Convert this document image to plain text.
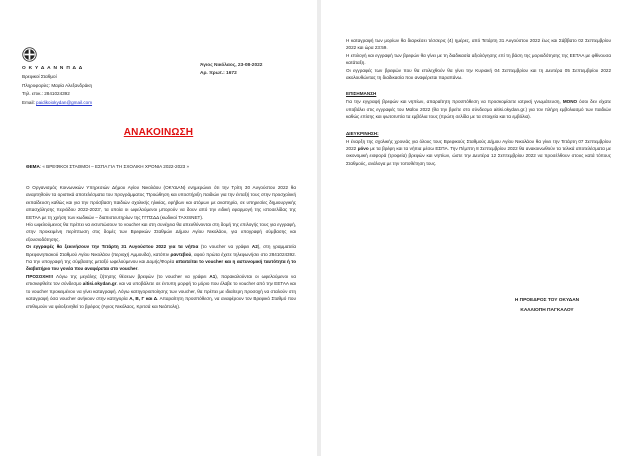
Ο Κ Υ Δ Α Ν Ν Π Δ Δ
Βρεφικοί Σταθμοί
Πληροφορίες: Μαρία Αλεξανδράκη
Τηλ. επικ.: 2841024392
Email: paidikoiokydan@gmail.com
Άγιος Νικόλαος, 23-08-2022
Αρ. πρωτ.: 1672
ΑΝΑΚΟΙΝΩΣΗ
ΘΕΜΑ: « ΒΡΕΦΙΚΟΙ ΣΤΑΘΜΟΙ – ΕΣΠΑ ΓΙΑ ΤΗ ΣΧΟΛΙΚΗ ΧΡΟΝΙΑ 2022-2023 »

Ο Οργανισμός Κοινωνικών Υπηρεσιών Δήμου Αγίου Νικολάου (ΟΚΥΔΑΝ) ενημερώνει ότι την Τρίτη 30 Αυγούστου 2022 θα αναρτηθούν τα οριστικά αποτελέσματα του προγράμματος 'Προώθηση και υποστήριξη παιδιών για την ένταξή τους στην προσχολική εκπαίδευση καθώς και για την πρόσβαση παιδιών σχολικής ηλικίας, εφήβων και ατόμων με αναπηρία, σε υπηρεσίες δημιουργικής απασχόλησης περιόδου 2022-2023', τα οποία οι ωφελούμενοι μπορούν να δουν από την ειδική εφαρμογή της ιστοσελίδας της ΕΕΤΑΑ με τη χρήση των κωδικών – διαπιστευτηρίων της ΓΓΠΣΔΔ (κωδικοί TAXISNET).

Ηίο ωφελούμενος θα πρέπει να εκτυπώσουν το voucher και στη συνέχεια θα απευθύνονται στη δομή της επιλογής τους για εγγραφή, στην προκειμένη περίπτωση στις δομές των Βρεφικών Σταθμών Δήμου Αγίου Νικολάου, για υπογραφή σύμβασης και εξουσιοδότησης.

Οι εγγραφές θα ξεκινήσουν την Τετάρτη 31 Αυγούστου 2022 για τα νήπια (το voucher να γράφει Α2), στη γραμματεία Βρεφονηπιακού Σταθμού Αγίου Νικολάου (περιοχή Αμμουδα), κατόπιν ραντεβού, αφού πρώτα έχετε τηλεφωνήσει στο 2841024392. Για την υπογραφή της σύμβασης μεταξύ ωφελούμενου και Δομής/Φορέα απαιτείται το voucher και η αστυνομική ταυτότητα ή το διαβατήριο του γονέα που αναφέρεται στο voucher.

ΠΡΟΣΟΧΗ!!! Λόγω της μεγάλης ζήτησης θέσεων βρεφών (το voucher να γράφει Α1), παρακαλούνται οι ωφελούμενοι να επισκεφθείτε τον σύνδεσμο aitisi.okydan.gr. και να υποβάλετε σε έντυπη μορφή το μόριο που έλαβε το voucher από την ΕΕΤΑΑ και το voucher προκειμένου να γίνει καταγραφή. Λόγω κατηγοριοποίησης των voucher, θα πρέπει με ιδιαίτερη προσοχή να σταλούν στη καταγραφή όσα voucher ανήκουν στην κατηγορία Α, Β, Γ και Δ. Απαραίτητη προϋπόθεση, να αναφέρουν τον Βρεφικό Σταθμό που επιθυμούν να φιλοξενηθεί το βρέφος (Άγιος Νικόλαος, Κριτσά και Νεάπολη).

Η καταγραφή των μορίων θα διαρκέσει τέσσερις (4) ημέρες, από Τετάρτη 31 Αυγούστου 2022 έως και Σάββατο 02 Σεπτεμβρίου 2022 και ώρα 23:59.

Η επιλογή και εγγραφή των βρεφών θα γίνει με τη διαδικασία αξιολόγησης επί τη βάση της μοριοδότησης της ΕΕΤΑΑ με φθίνουσα κατάταξη.

Οι εγγραφές των βρεφών που θα επιλεχθούν θα γίνει την Κυριακή 04 Σεπτεμβρίου και τη Δευτέρα 05 Σεπτεμβρίου 2022 ακολουθώντας τη διαδικασία που αναφέρεται παραπάνω.

ΕΠΙΣΗΜΑΝΣΗ

Για την εγγραφή βρεφών και νηπίων, απαραίτητη προϋπόθεση να προσκομίσετε ιατρική γνωμάτευση, ΜΟΝΟ όσοι δεν είχατε υποβάλει στις εγγραφές του Μαΐου 2022 (θα την βρείτε στο σύνδεσμο aitisi.okydan.gr.) για τον πλήρη εμβολιασμό των παιδιών καθώς επίσης και φωτοτυπία τα εμβόλια τους (πρώτη σελίδα με τα στοιχεία και τα εμβόλια).

ΔΙΕΥΚΡΙΝΗΣΗ:

Η έναρξη της σχολικής χρονιάς για όλους τους Βρεφικούς Σταθμούς Δήμου Αγίου Νικολάου θα γίνει την Τετάρτη 07 Σεπτεμβρίου 2022 μόνο με τα βρέφη και τα νήπια μέσω ΕΣΠΑ. Την Πέμπτη 8 Σεπτεμβρίου 2022 θα ανακοινωθούν τα τελικά αποτελέσματα με οικονομική εισφορά (τροφεία) βρεφών και νηπίων, ώστε την Δευτέρα 12 Σεπτεμβρίου 2022 να προσέλθουν στους κατά τόπους Σταθμούς, ανάλογα με την τοποθέτηση τους.

Η ΠΡΟΕΔΡΟΣ ΤΟΥ ΟΚΥΔΑΝ
ΚΑΛΛΙΟΠΗ ΠΑΓΚΑΛΟΥ
